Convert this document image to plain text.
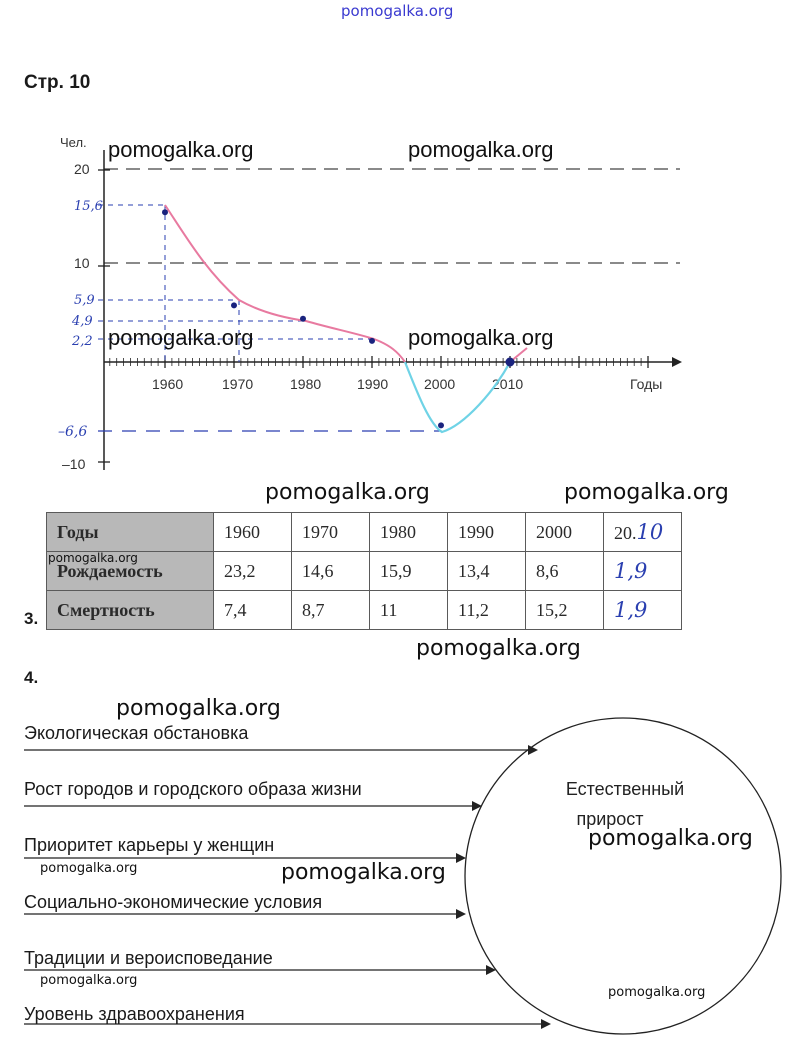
pomogalka.org
Стр. 10
Чел.
Годы
20
10
–10
1960	1970	1980	1990	2000	2010
15,6
5,9
4,9
2,2
–6,6
pomogalka.org	pomogalka.org
pomogalka.org	pomogalka.org
pomogalka.org	pomogalka.org
Годы	1960	1970	1980	1990	2000	20.10
Рождаемость	23,2	14,6	15,9	13,4	8,6	1,9
Смертность	7,4	8,7	11	11,2	15,2	1,9
pomogalka.org
3.
pomogalka.org
4.
pomogalka.org
Экологическая обстановка
Рост городов и городского образа жизни
Приоритет карьеры у женщин
Социально-экономические условия
Традиции и вероисповедание
Уровень здравоохранения
Естественный
прирост
pomogalka.org
pomogalka.org
pomogalka.org
pomogalka.org
pomogalka.org
